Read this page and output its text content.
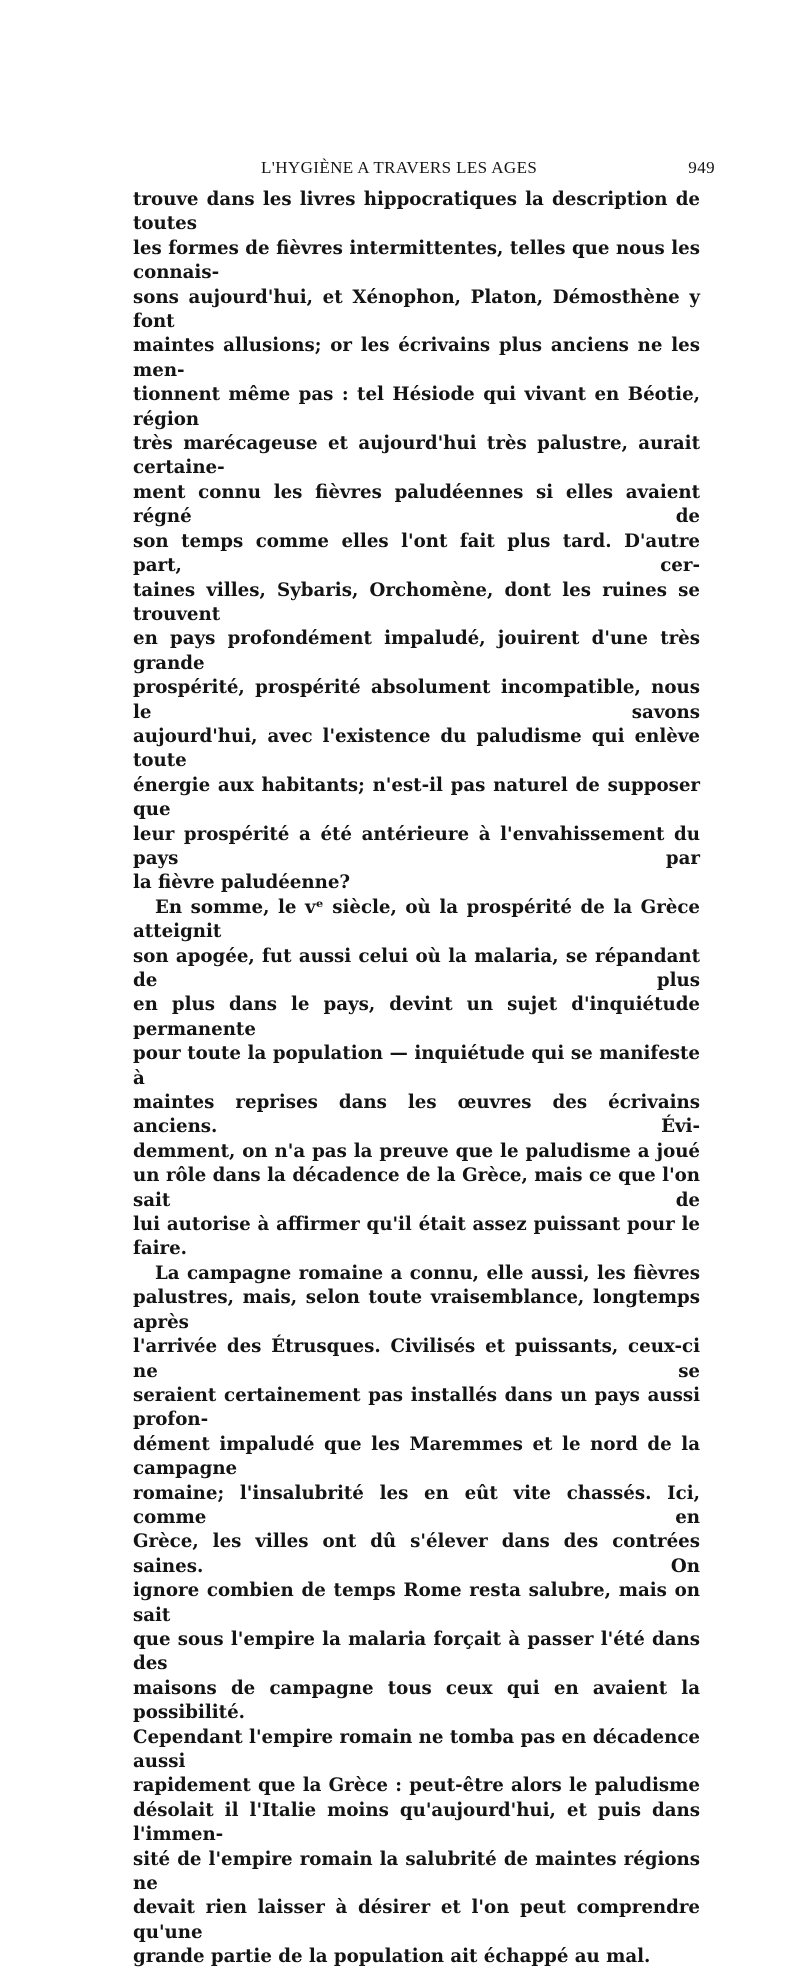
L'HYGIÈNE A TRAVERS LES AGES	949

trouve dans les livres hippocratiques la description de toutes

les formes de fièvres intermittentes, telles que nous les connais-

sons aujourd'hui, et Xénophon, Platon, Démosthène y font

maintes allusions; or les écrivains plus anciens ne les men-

tionnent même pas : tel Hésiode qui vivant en Béotie, région

très marécageuse et aujourd'hui très palustre, aurait certaine-

ment connu les fièvres paludéennes si elles avaient régné de

son temps comme elles l'ont fait plus tard. D'autre part, cer-

taines villes, Sybaris, Orchomène, dont les ruines se trouvent

en pays profondément impaludé, jouirent d'une très grande

prospérité, prospérité absolument incompatible, nous le savons

aujourd'hui, avec l'existence du paludisme qui enlève toute

énergie aux habitants; n'est-il pas naturel de supposer que

leur prospérité a été antérieure à l'envahissement du pays par

la fièvre paludéenne?

En somme, le vᵉ siècle, où la prospérité de la Grèce atteignit

son apogée, fut aussi celui où la malaria, se répandant de plus

en plus dans le pays, devint un sujet d'inquiétude permanente

pour toute la population — inquiétude qui se manifeste à

maintes reprises dans les œuvres des écrivains anciens. Évi-

demment, on n'a pas la preuve que le paludisme a joué

un rôle dans la décadence de la Grèce, mais ce que l'on sait de

lui autorise à affirmer qu'il était assez puissant pour le faire.

La campagne romaine a connu, elle aussi, les fièvres

palustres, mais, selon toute vraisemblance, longtemps après

l'arrivée des Étrusques. Civilisés et puissants, ceux-ci ne se

seraient certainement pas installés dans un pays aussi profon-

dément impaludé que les Maremmes et le nord de la campagne

romaine; l'insalubrité les en eût vite chassés. Ici, comme en

Grèce, les villes ont dû s'élever dans des contrées saines. On

ignore combien de temps Rome resta salubre, mais on sait

que sous l'empire la malaria forçait à passer l'été dans des

maisons de campagne tous ceux qui en avaient la possibilité.

Cependant l'empire romain ne tomba pas en décadence aussi

rapidement que la Grèce : peut-être alors le paludisme

désolait il l'Italie moins qu'aujourd'hui, et puis dans l'immen-

sité de l'empire romain la salubrité de maintes régions ne

devait rien laisser à désirer et l'on peut comprendre qu'une

grande partie de la population ait échappé au mal.
